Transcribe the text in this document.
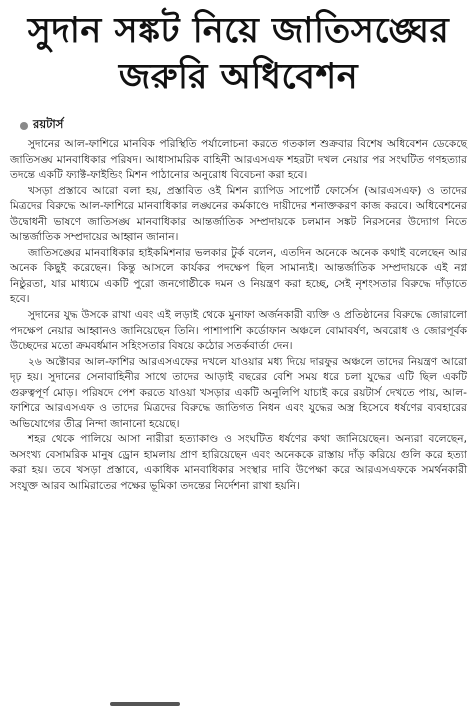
সুদান সঙ্কট নিয়ে জাতিসঙ্ঘের
জরুরি অধিবেশন
রয়টার্স

সুদানের আল-ফাশিরে মানবিক পরিস্থিতি পর্যালোচনা করতে গতকাল শুক্রবার বিশেষ অধিবেশন ডেকেছে জাতিসঙ্ঘ মানবাধিকার পরিষদ। আধাসামরিক বাহিনী আরএসএফ শহরটা দখল নেয়ার পর সংঘটিত গণহত্যার তদন্তে একটি ফ্যাক্ট-ফাইন্ডিং মিশন পাঠানোর অনুরোধ বিবেচনা করা হবে।

খসড়া প্রস্তাবে আরো বলা হয়, প্রস্তাবিত ওই মিশন র‍্যাপিড সাপোর্ট ফোর্সেস (আরএসএফ) ও তাদের মিত্রদের বিরুদ্ধে আল-ফাশিরে মানবাধিকার লঙ্ঘনের কর্মকাণ্ডে দায়ীদের শনাক্তকরণ কাজ করবে। অধিবেশনের উদ্বোধনী ভাষণে জাতিসঙ্ঘ মানবাধিকার আন্তর্জাতিক সম্প্রদায়কে চলমান সঙ্কট নিরসনের উদ্যোগ নিতে আন্তর্জাতিক সম্প্রদায়ের আহ্বান জানান।

জাতিসঙ্ঘের মানবাধিকার হাইকমিশনার ভলকার টুর্ক বলেন, এতদিন অনেকে অনেক কথাই বলেছেন আর অনেক কিছুই করেছেন। কিন্তু আসলে কার্যকর পদক্ষেপ ছিল সামান্যই। আন্তর্জাতিক সম্প্রদায়কে এই নগ্ন নিষ্ঠুরতা, যার মাধ্যমে একটি পুরো জনগোষ্ঠীকে দমন ও নিয়ন্ত্রণ করা হচ্ছে, সেই নৃশংসতার বিরুদ্ধে দাঁড়াতে হবে।

সুদানের যুদ্ধ উসকে রাখা এবং এই লড়াই থেকে মুনাফা অর্জনকারী ব্যক্তি ও প্রতিষ্ঠানের বিরুদ্ধে জোরালো পদক্ষেপ নেয়ার আহ্বানও জানিয়েছেন তিনি। পাশাপাশি কর্ডোফান অঞ্চলে বোমাবর্ষণ, অবরোধ ও জোরপূর্বক উচ্ছেদের মতো ক্রমবর্ধমান সহিংসতার বিষয়ে কঠোর সতর্কবার্তা দেন।

২৬ অক্টোবর আল-ফাশির আরএসএফের দখলে যাওয়ার মধ্য দিয়ে দারফুর অঞ্চলে তাদের নিয়ন্ত্রণ আরো দৃঢ় হয়। সুদানের সেনাবাহিনীর সাথে তাদের আড়াই বছরের বেশি সময় ধরে চলা যুদ্ধের এটি ছিল একটি গুরুত্বপূর্ণ মোড়। পরিষদে পেশ করতে যাওয়া খসড়ার একটি অনুলিপি যাচাই করে রয়টার্স দেখতে পায়, আল-ফাশিরে আরএসএফ ও তাদের মিত্রদের বিরুদ্ধে জাতিগত নিধন এবং যুদ্ধের অস্ত্র হিসেবে ধর্ষণের ব্যবহারের অভিযোগের তীব্র নিন্দা জানানো হয়েছে।

শহর থেকে পালিয়ে আসা নারীরা হত্যাকাণ্ড ও সংঘটিত ধর্ষণের কথা জানিয়েছেন। অন্যরা বলেছেন, অসংখ্য বেসামরিক মানুষ ড্রোন হামলায় প্রাণ হারিয়েছেন এবং অনেককে রাস্তায় দাঁড় করিয়ে গুলি করে হত্যা করা হয়। তবে খসড়া প্রস্তাবে, একাধিক মানবাধিকার সংস্থার দাবি উপেক্ষা করে আরএসএফকে সমর্থনকারী সংযুক্ত আরব আমিরাতের পক্ষের ভূমিকা তদন্তের নির্দেশনা রাখা হয়নি।
